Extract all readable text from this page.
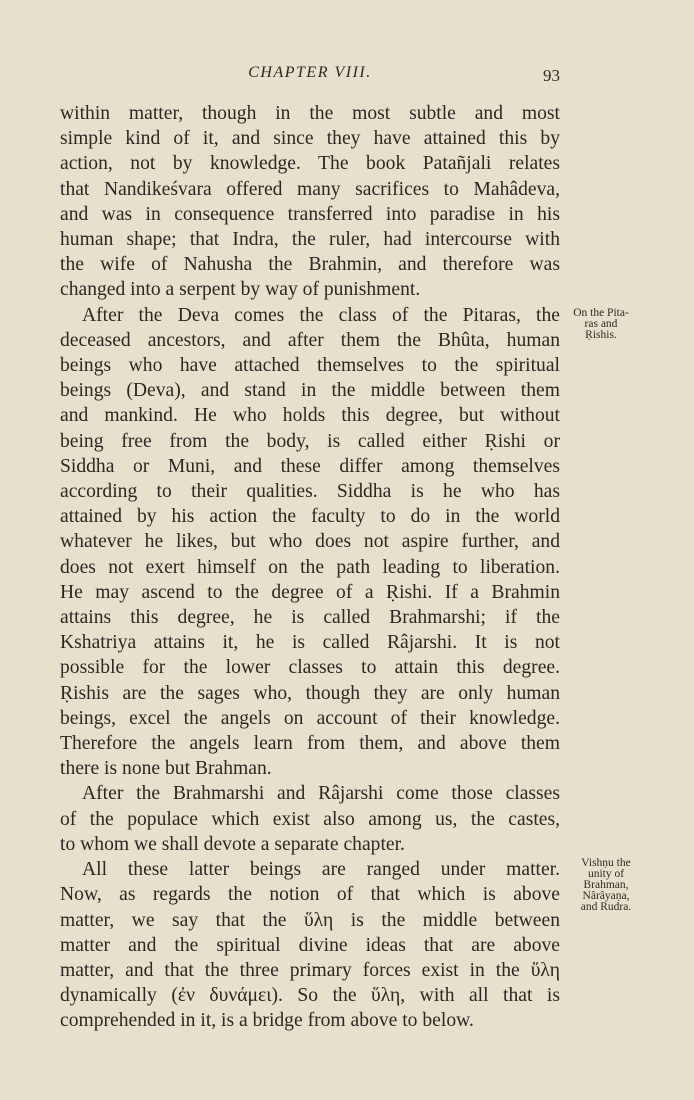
CHAPTER VIII.	93
within matter, though in the most subtle and most
simple kind of it, and since they have attained this by
action, not by knowledge. The book Patañjali relates
that Nandikeśvara offered many sacrifices to Mahâdeva,
and was in consequence transferred into paradise in his
human shape; that Indra, the ruler, had intercourse with
the wife of Nahusha the Brahmin, and therefore was
changed into a serpent by way of punishment.
After the Deva comes the class of the Pitaras, the
deceased ancestors, and after them the Bhûta, human
beings who have attached themselves to the spiritual
beings (Deva), and stand in the middle between them
and mankind. He who holds this degree, but without
being free from the body, is called either Ṛishi or
Siddha or Muni, and these differ among themselves
according to their qualities. Siddha is he who has
attained by his action the faculty to do in the world
whatever he likes, but who does not aspire further, and
does not exert himself on the path leading to liberation.
He may ascend to the degree of a Ṛishi. If a Brahmin
attains this degree, he is called Brahmarshi; if the
Kshatriya attains it, he is called Râjarshi. It is not
possible for the lower classes to attain this degree.
Ṛishis are the sages who, though they are only human
beings, excel the angels on account of their knowledge.
Therefore the angels learn from them, and above them
there is none but Brahman.
After the Brahmarshi and Râjarshi come those classes
of the populace which exist also among us, the castes,
to whom we shall devote a separate chapter.
All these latter beings are ranged under matter.
Now, as regards the notion of that which is above
matter, we say that the ὕλη is the middle between
matter and the spiritual divine ideas that are above
matter, and that the three primary forces exist in the ὕλη
dynamically (ἐν δυνάμει). So the ὕλη, with all that is
comprehended in it, is a bridge from above to below.
On the Pita-
ras and
Ṛishis.
Vishṇu the
unity of
Brahman,
Nârâyaṇa,
and Rudra.
